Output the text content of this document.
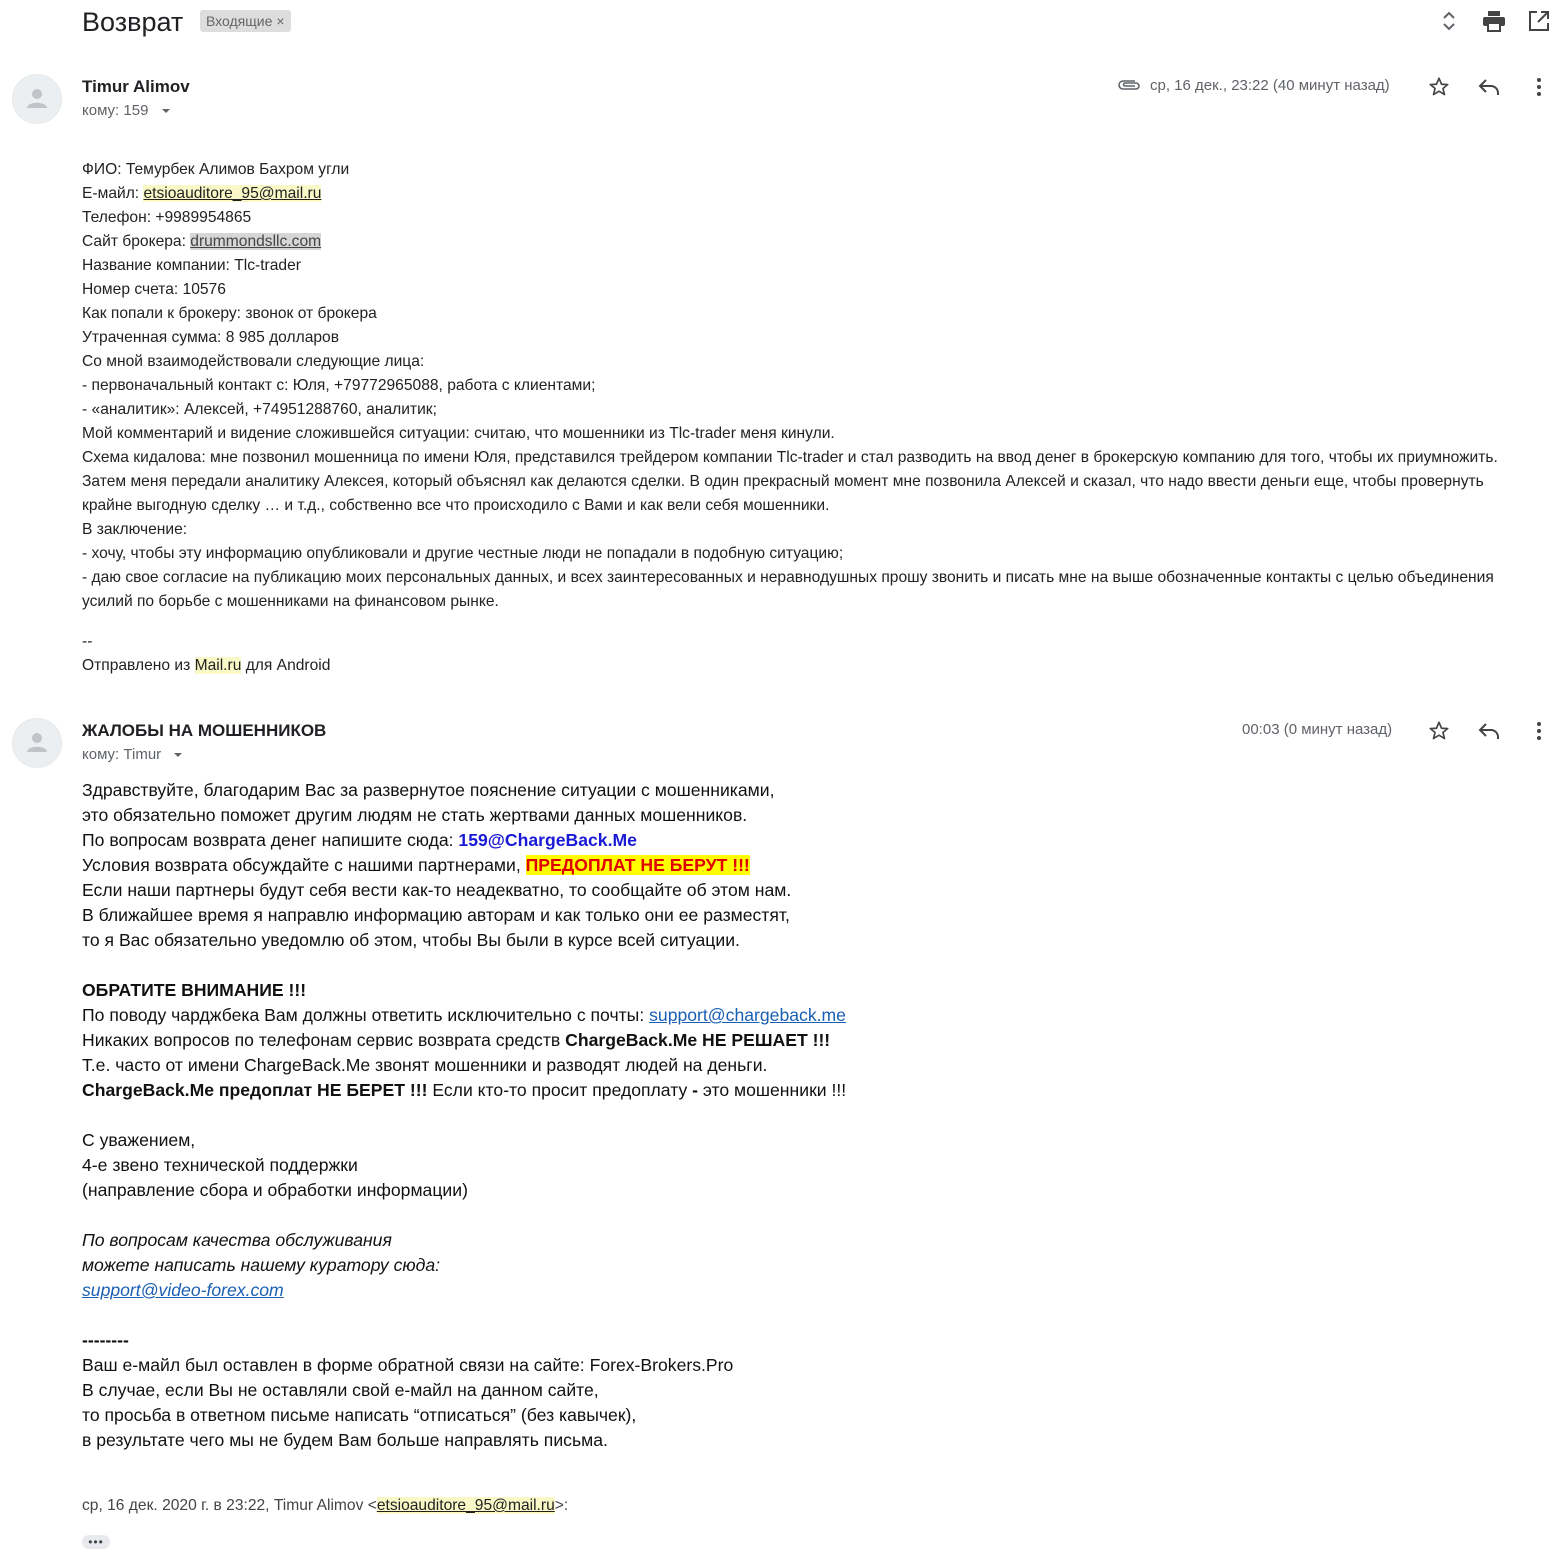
Возврат	Входящие ×
Timur Alimov
кому: 159
ср, 16 дек., 23:22 (40 минут назад)
ФИО: Темурбек Алимов Бахром угли
Е-майл: etsioauditore_95@mail.ru
Телефон: +9989954865
Сайт брокера: drummondsllc.com
Название компании: Tlc-trader
Номер счета: 10576
Как попали к брокеру: звонок от брокера
Утраченная сумма: 8 985 долларов
Со мной взаимодействовали следующие лица:
- первоначальный контакт с: Юля, +79772965088, работа с клиентами;
- «аналитик»: Алексей, +74951288760, аналитик;
Мой комментарий и видение сложившейся ситуации: считаю, что мошенники из Tlc-trader меня кинули.
Схема кидалова: мне позвонил мошенница по имени Юля, представился трейдером компании Tlc-trader и стал разводить на ввод денег в брокерскую компанию для того, чтобы их приумножить. Затем меня передали аналитику Алексея, который объяснял как делаются сделки. В один прекрасный момент мне позвонила Алексей и сказал, что надо ввести деньги еще, чтобы провернуть крайне выгодную сделку … и т.д., собственно все что происходило с Вами и как вели себя мошенники.
В заключение:
- хочу, чтобы эту информацию опубликовали и другие честные люди не попадали в подобную ситуацию;
- даю свое согласие на публикацию моих персональных данных, и всех заинтересованных и неравнодушных прошу звонить и писать мне на выше обозначенные контакты с целью объединения усилий по борьбе с мошенниками на финансовом рынке.
--
Отправлено из Mail.ru для Android
ЖАЛОБЫ НА МОШЕННИКОВ
кому: Timur
00:03 (0 минут назад)
Здравствуйте, благодарим Вас за развернутое пояснение ситуации с мошенниками,
это обязательно поможет другим людям не стать жертвами данных мошенников.
По вопросам возврата денег напишите сюда: 159@ChargeBack.Me
Условия возврата обсуждайте с нашими партнерами, ПРЕДОПЛАТ НЕ БЕРУТ !!!
Если наши партнеры будут себя вести как-то неадекватно, то сообщайте об этом нам.
В ближайшее время я направлю информацию авторам и как только они ее разместят,
то я Вас обязательно уведомлю об этом, чтобы Вы были в курсе всей ситуации.
ОБРАТИТЕ ВНИМАНИЕ !!!
По поводу чарджбека Вам должны ответить исключительно с почты: support@chargeback.me
Никаких вопросов по телефонам сервис возврата средств ChargeBack.Me НЕ РЕШАЕТ !!!
Т.е. часто от имени ChargeBack.Me звонят мошенники и разводят людей на деньги.
ChargeBack.Me предоплат НЕ БЕРЕТ !!! Если кто-то просит предоплату - это мошенники !!!
С уважением,
4-е звено технической поддержки
(направление сбора и обработки информации)
По вопросам качества обслуживания
можете написать нашему куратору сюда:
support@video-forex.com
--------
Ваш е-майл был оставлен в форме обратной связи на сайте: Forex-Brokers.Pro
В случае, если Вы не оставляли свой е-майл на данном сайте,
то просьба в ответном письме написать “отписаться” (без кавычек),
в результате чего мы не будем Вам больше направлять письма.
ср, 16 дек. 2020 г. в 23:22, Timur Alimov <etsioauditore_95@mail.ru>:
•••
